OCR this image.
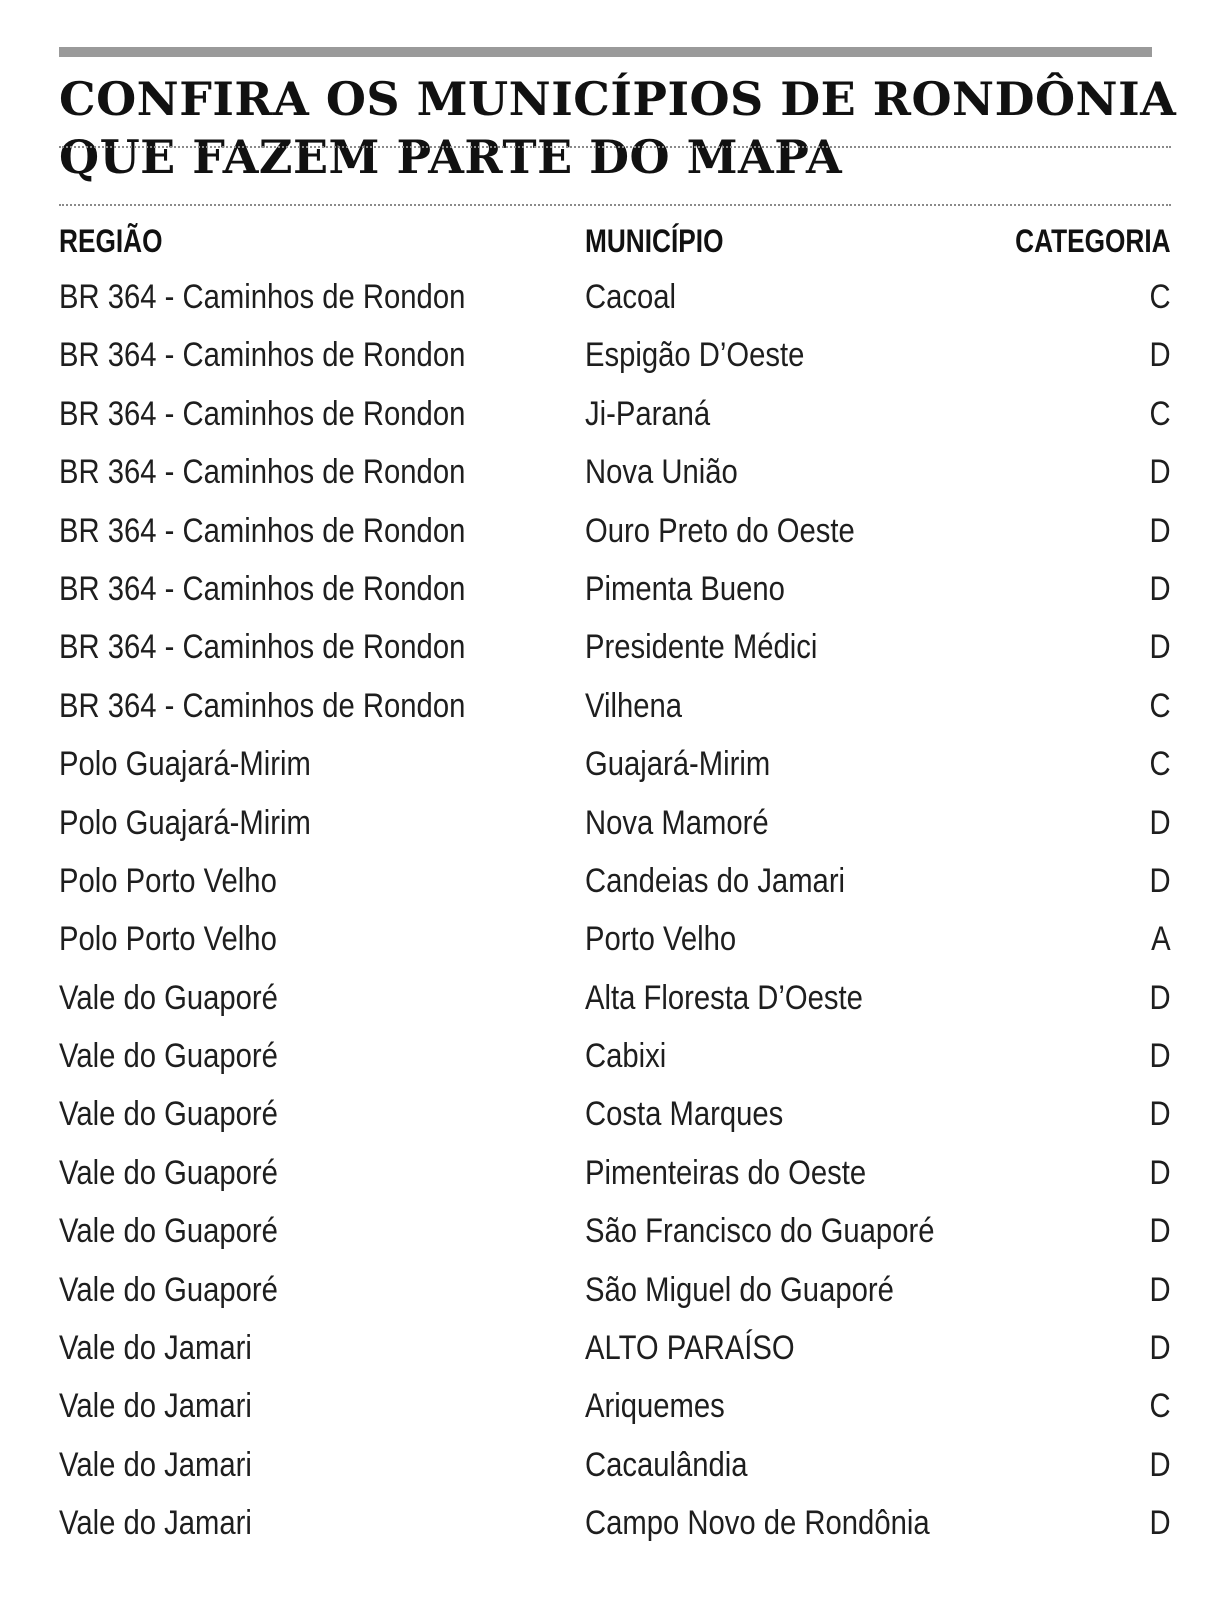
CONFIRA OS MUNICÍPIOS DE RONDÔNIA
QUE FAZEM PARTE DO MAPA
REGIÃO	MUNICÍPIO	CATEGORIA
BR 364 - Caminhos de Rondon	Cacoal	C
BR 364 - Caminhos de Rondon	Espigão D’Oeste	D
BR 364 - Caminhos de Rondon	Ji-Paraná	C
BR 364 - Caminhos de Rondon	Nova União	D
BR 364 - Caminhos de Rondon	Ouro Preto do Oeste	D
BR 364 - Caminhos de Rondon	Pimenta Bueno	D
BR 364 - Caminhos de Rondon	Presidente Médici	D
BR 364 - Caminhos de Rondon	Vilhena	C
Polo Guajará-Mirim	Guajará-Mirim	C
Polo Guajará-Mirim	Nova Mamoré	D
Polo Porto Velho	Candeias do Jamari	D
Polo Porto Velho	Porto Velho	A
Vale do Guaporé	Alta Floresta D’Oeste	D
Vale do Guaporé	Cabixi	D
Vale do Guaporé	Costa Marques	D
Vale do Guaporé	Pimenteiras do Oeste	D
Vale do Guaporé	São Francisco do Guaporé	D
Vale do Guaporé	São Miguel do Guaporé	D
Vale do Jamari	ALTO PARAÍSO	D
Vale do Jamari	Ariquemes	C
Vale do Jamari	Cacaulândia	D
Vale do Jamari	Campo Novo de Rondônia	D
